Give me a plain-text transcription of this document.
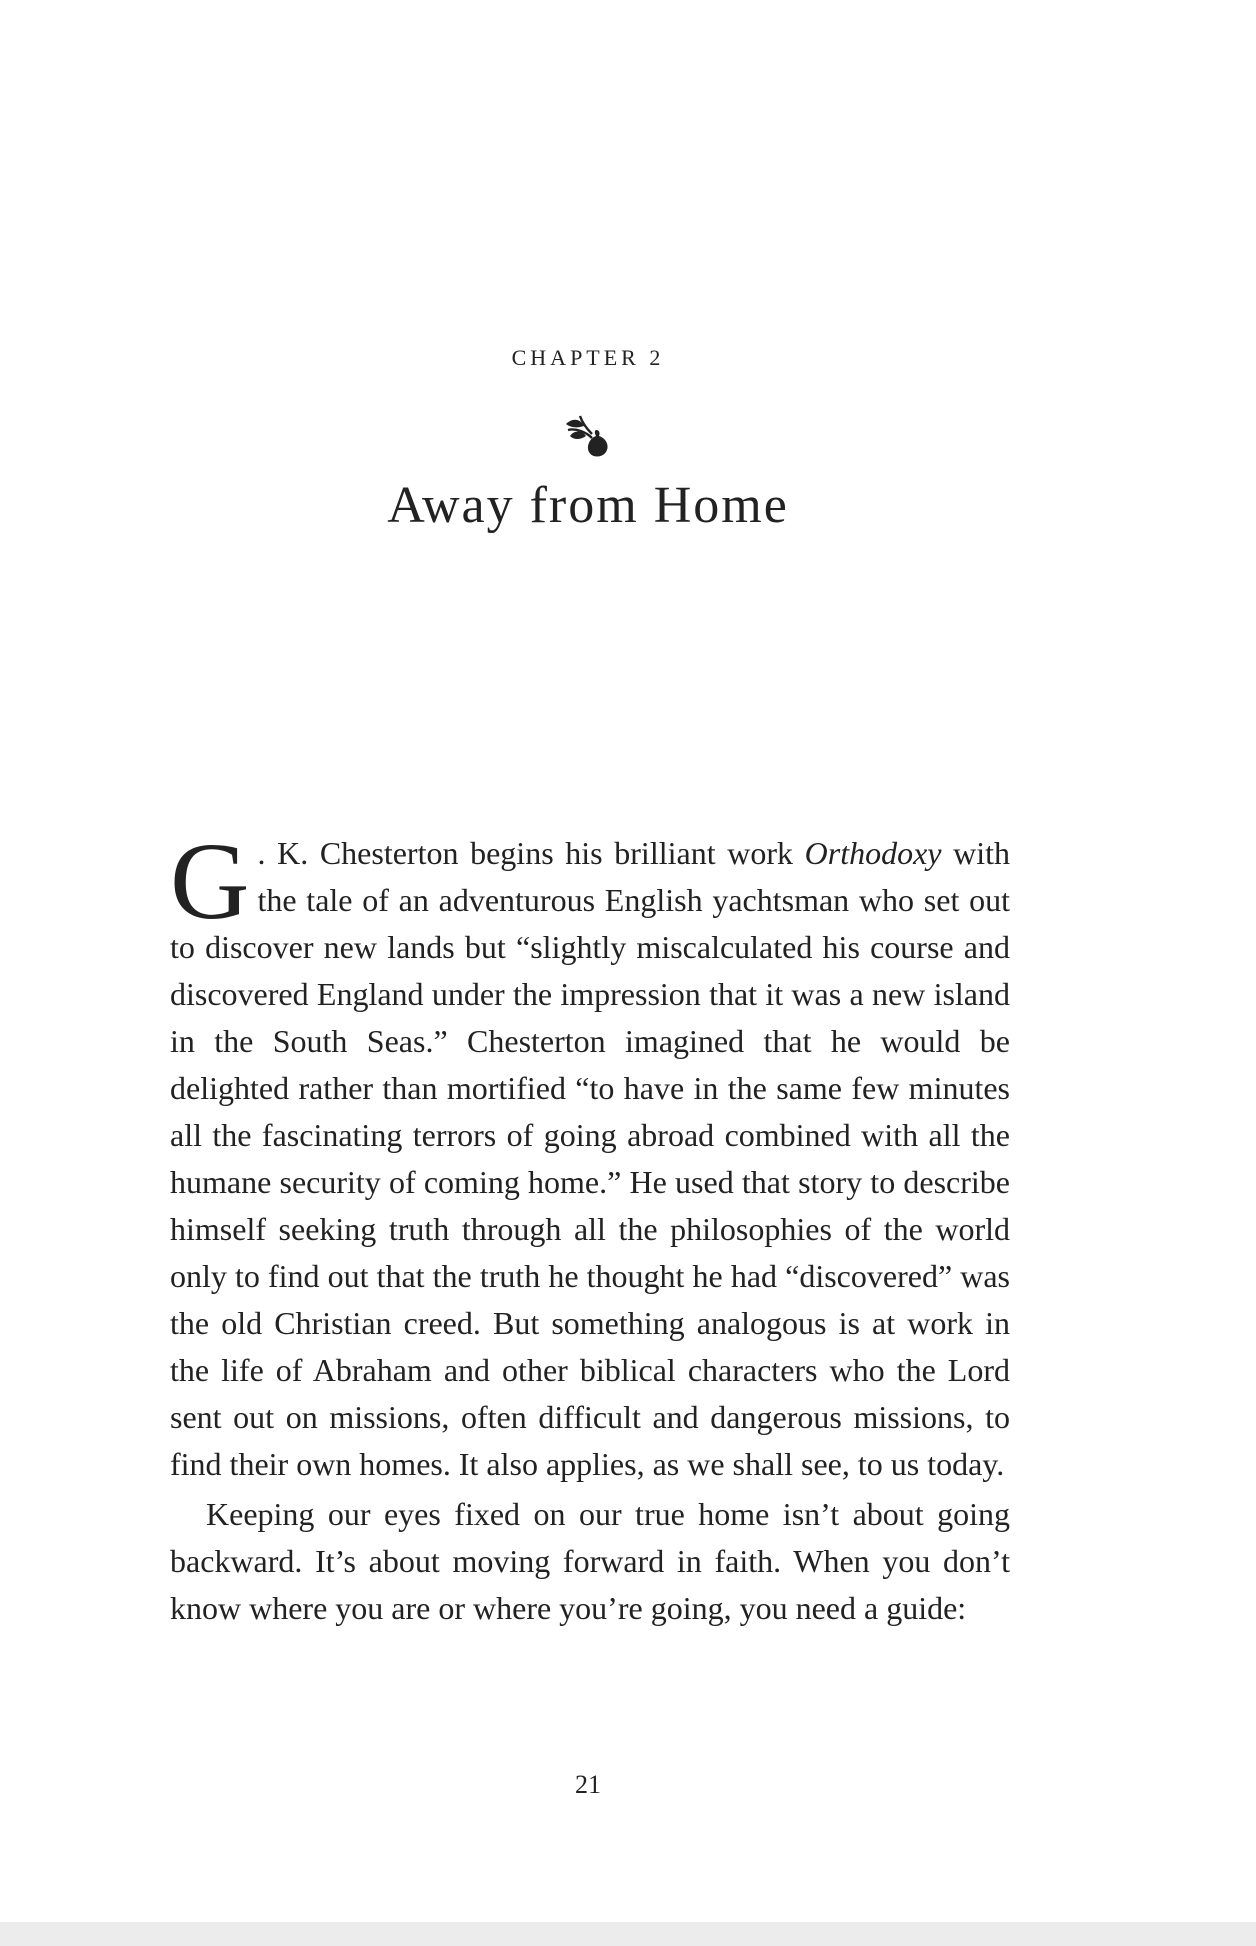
CHAPTER 2
Away from Home

G . K. Chesterton begins his brilliant work Orthodoxy with the tale of an adventurous English yachtsman who set out to discover new lands but “slightly miscalculated his course and discovered England under the impression that it was a new island in the South Seas.” Chesterton imagined that he would be delighted rather than mortified “to have in the same few minutes all the fascinating terrors of going abroad combined with all the humane security of coming home.” He used that story to describe himself seeking truth through all the philosophies of the world only to find out that the truth he thought he had “discovered” was the old Christian creed. But something analogous is at work in the life of Abraham and other biblical characters who the Lord sent out on missions, often difficult and dangerous missions, to find their own homes. It also applies, as we shall see, to us today.

Keeping our eyes fixed on our true home isn’t about going backward. It’s about moving forward in faith. When you don’t know where you are or where you’re going, you need a guide:

21
